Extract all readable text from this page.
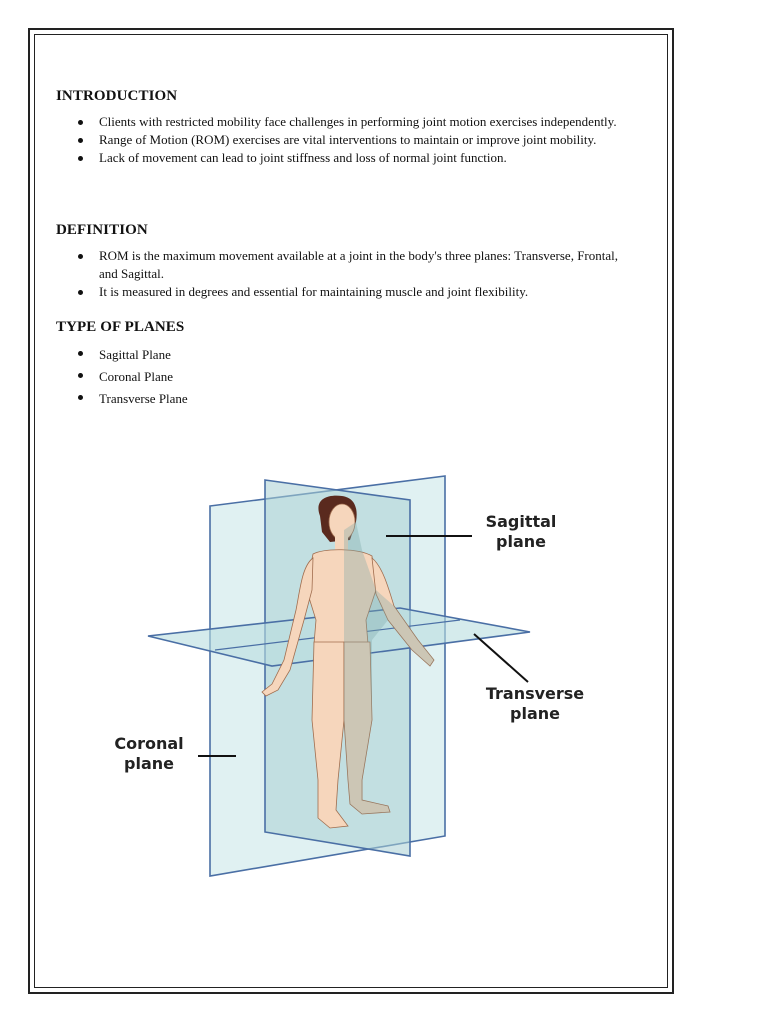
INTRODUCTION
Clients with restricted mobility face challenges in performing joint motion exercises independently.
Range of Motion (ROM) exercises are vital interventions to maintain or improve joint mobility.
Lack of movement can lead to joint stiffness and loss of normal joint function.
DEFINITION
ROM is the maximum movement available at a joint in the body's three planes: Transverse, Frontal, and Sagittal.
It is measured in degrees and essential for maintaining muscle and joint flexibility.
TYPE OF PLANES
Sagittal Plane
Coronal Plane
Transverse Plane
Sagittal
plane
Transverse
plane
Coronal
plane
